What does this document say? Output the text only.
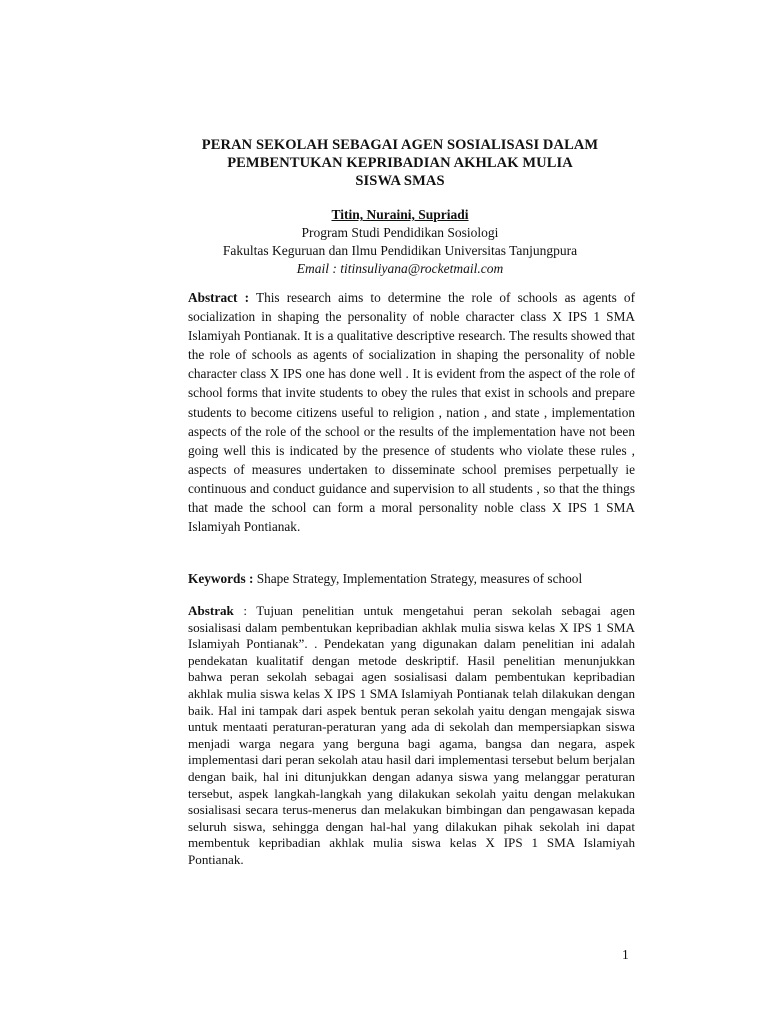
PERAN SEKOLAH SEBAGAI AGEN SOSIALISASI DALAM
PEMBENTUKAN KEPRIBADIAN AKHLAK MULIA
SISWA SMAS
Titin, Nuraini, Supriadi
Program Studi Pendidikan Sosiologi
Fakultas Keguruan dan Ilmu Pendidikan Universitas Tanjungpura
Email : titinsuliyana@rocketmail.com
Abstract : This research aims to determine the role of schools as agents of socialization in shaping the personality of noble character class X IPS 1 SMA Islamiyah Pontianak. It is a qualitative descriptive research. The results showed that the role of schools as agents of socialization in shaping the personality of noble character class X IPS one has done well . It is evident from the aspect of the role of school forms that invite students to obey the rules that exist in schools and prepare students to become citizens useful to religion , nation , and state , implementation aspects of the role of the school or the results of the implementation have not been going well this is indicated by the presence of students who violate these rules , aspects of measures undertaken to disseminate school premises perpetually ie continuous and conduct guidance and supervision to all students , so that the things that made the school can form a moral personality noble class X IPS 1 SMA Islamiyah Pontianak.
Keywords : Shape Strategy, Implementation Strategy, measures of school
Abstrak : Tujuan penelitian untuk mengetahui peran sekolah sebagai agen sosialisasi dalam pembentukan kepribadian akhlak mulia siswa kelas X IPS 1 SMA Islamiyah Pontianak”. . Pendekatan yang digunakan dalam penelitian ini adalah pendekatan kualitatif dengan metode deskriptif. Hasil penelitian menunjukkan bahwa peran sekolah sebagai agen sosialisasi dalam pembentukan kepribadian akhlak mulia siswa kelas X IPS 1 SMA Islamiyah Pontianak telah dilakukan dengan baik. Hal ini tampak dari aspek bentuk peran sekolah yaitu dengan mengajak siswa untuk mentaati peraturan-peraturan yang ada di sekolah dan mempersiapkan siswa menjadi warga negara yang berguna bagi agama, bangsa dan negara, aspek implementasi dari peran sekolah atau hasil dari implementasi tersebut belum berjalan dengan baik, hal ini ditunjukkan dengan adanya siswa yang melanggar peraturan tersebut, aspek langkah-langkah yang dilakukan sekolah yaitu dengan melakukan sosialisasi secara terus-menerus dan melakukan bimbingan dan pengawasan kepada seluruh siswa, sehingga dengan hal-hal yang dilakukan pihak sekolah ini dapat membentuk kepribadian akhlak mulia siswa kelas X IPS 1 SMA Islamiyah Pontianak.
1
